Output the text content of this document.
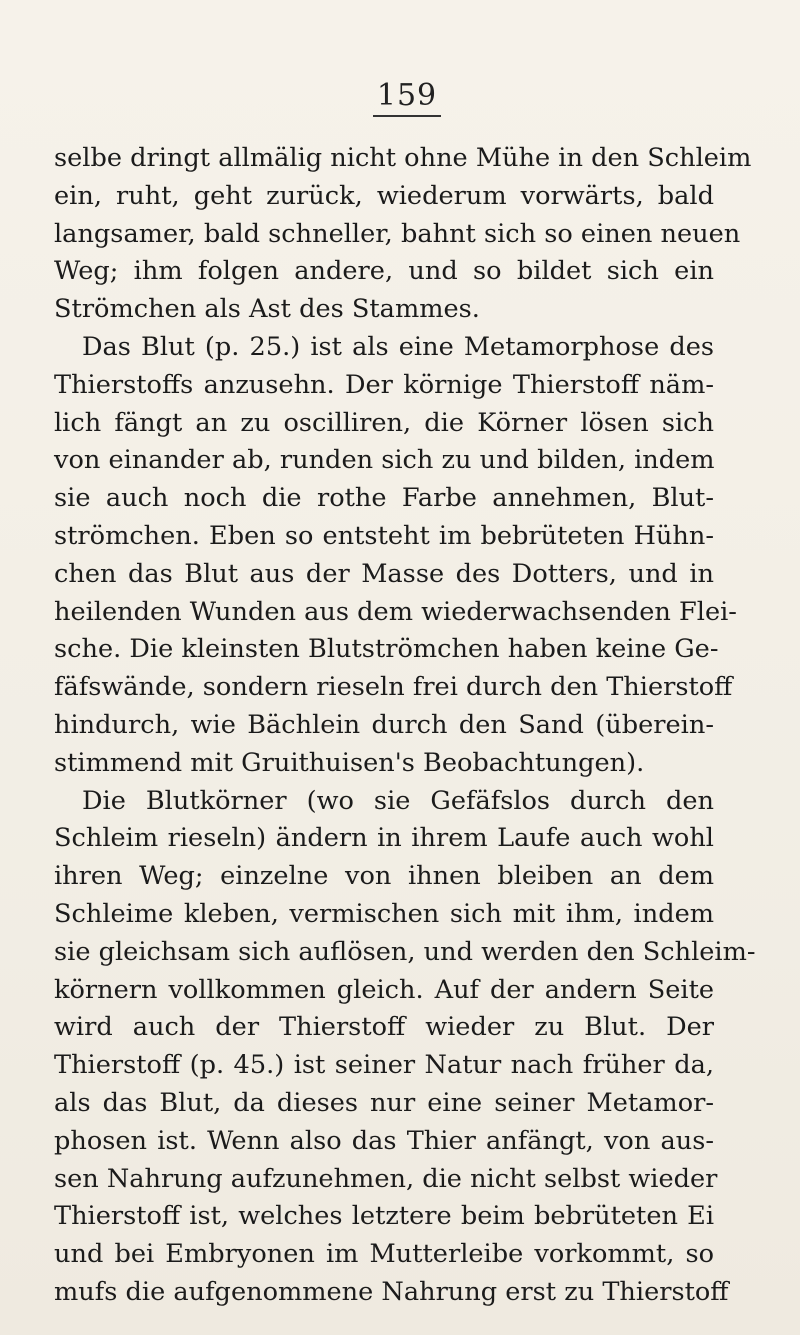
159
selbe dringt allmälig nicht ohne Mühe in den Schleim
ein, ruht, geht zurück, wiederum vorwärts, bald
langsamer, bald schneller, bahnt sich so einen neuen
Weg; ihm folgen andere, und so bildet sich ein
Strömchen als Ast des Stammes.
Das Blut (p. 25.) ist als eine Metamorphose des
Thierstoffs anzusehn. Der körnige Thierstoff näm-
lich fängt an zu oscilliren, die Körner lösen sich
von einander ab, runden sich zu und bilden, indem
sie auch noch die rothe Farbe annehmen, Blut-
strömchen. Eben so entsteht im bebrüteten Hühn-
chen das Blut aus der Masse des Dotters, und in
heilenden Wunden aus dem wiederwachsenden Flei-
sche. Die kleinsten Blutströmchen haben keine Ge-
fäfswände, sondern rieseln frei durch den Thierstoff
hindurch, wie Bächlein durch den Sand (überein-
stimmend mit Gruithuisen's Beobachtungen).
Die Blutkörner (wo sie Gefäfslos durch den
Schleim rieseln) ändern in ihrem Laufe auch wohl
ihren Weg; einzelne von ihnen bleiben an dem
Schleime kleben, vermischen sich mit ihm, indem
sie gleichsam sich auflösen, und werden den Schleim-
körnern vollkommen gleich. Auf der andern Seite
wird auch der Thierstoff wieder zu Blut. Der
Thierstoff (p. 45.) ist seiner Natur nach früher da,
als das Blut, da dieses nur eine seiner Metamor-
phosen ist. Wenn also das Thier anfängt, von aus-
sen Nahrung aufzunehmen, die nicht selbst wieder
Thierstoff ist, welches letztere beim bebrüteten Ei
und bei Embryonen im Mutterleibe vorkommt, so
mufs die aufgenommene Nahrung erst zu Thierstoff
